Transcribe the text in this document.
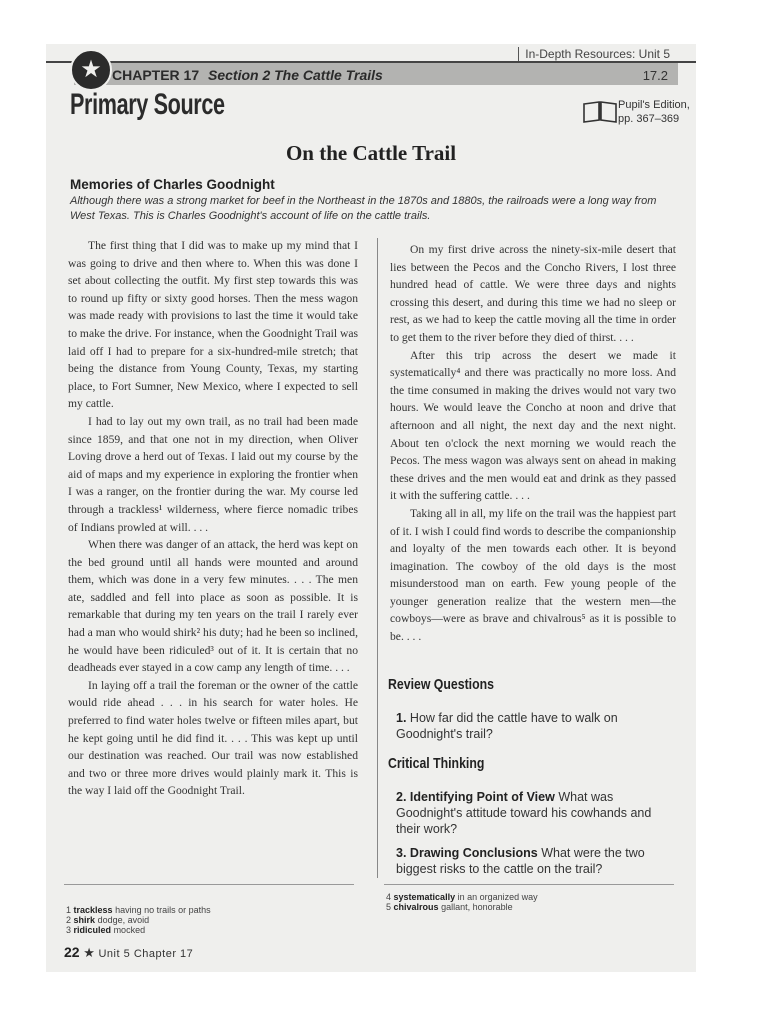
In-Depth Resources: Unit 5
★ CHAPTER 17 Section 2 The Cattle Trails	17.2
Primary Source	Pupil's Edition,
pp. 367–369
On the Cattle Trail
Memories of Charles Goodnight
Although there was a strong market for beef in the Northeast in the 1870s and 1880s, the railroads were a long way from West Texas. This is Charles Goodnight's account of life on the cattle trails.

The first thing that I did was to make up my mind that I was going to drive and then where to. When this was done I set about collecting the outfit. My first step towards this was to round up fifty or sixty good horses. Then the mess wagon was made ready with provisions to last the time it would take to make the drive. For instance, when the Goodnight Trail was laid off I had to prepare for a six-hundred-mile stretch; that being the distance from Young County, Texas, my starting place, to Fort Sumner, New Mexico, where I expected to sell my cattle.

I had to lay out my own trail, as no trail had been made since 1859, and that one not in my direction, when Oliver Loving drove a herd out of Texas. I laid out my course by the aid of maps and my experience in exploring the frontier when I was a ranger, on the frontier during the war. My course led through a trackless¹ wilderness, where fierce nomadic tribes of Indians prowled at will. . . .

When there was danger of an attack, the herd was kept on the bed ground until all hands were mounted and around them, which was done in a very few minutes. . . . The men ate, saddled and fell into place as soon as possible. It is remarkable that during my ten years on the trail I rarely ever had a man who would shirk² his duty; had he been so inclined, he would have been ridiculed³ out of it. It is certain that no deadheads ever stayed in a cow camp any length of time. . . .

In laying off a trail the foreman or the owner of the cattle would ride ahead . . . in his search for water holes. He preferred to find water holes twelve or fifteen miles apart, but he kept going until he did find it. . . . This was kept up until our destination was reached. Our trail was now established and two or three more drives would plainly mark it. This is the way I laid off the Goodnight Trail.

On my first drive across the ninety-six-mile desert that lies between the Pecos and the Concho Rivers, I lost three hundred head of cattle. We were three days and nights crossing this desert, and during this time we had no sleep or rest, as we had to keep the cattle moving all the time in order to get them to the river before they died of thirst. . . .

After this trip across the desert we made it systematically⁴ and there was practically no more loss. And the time consumed in making the drives would not vary two hours. We would leave the Concho at noon and drive that afternoon and all night, the next day and the next night. About ten o'clock the next morning we would reach the Pecos. The mess wagon was always sent on ahead in making these drives and the men would eat and drink as they passed it with the suffering cattle. . . .

Taking all in all, my life on the trail was the happiest part of it. I wish I could find words to describe the companionship and loyalty of the men towards each other. It is beyond imagination. The cowboy of the old days is the most misunderstood man on earth. Few young people of the younger generation realize that the western men—the cowboys—were as brave and chivalrous⁵ as it is possible to be. . . .

Review Questions
1. How far did the cattle have to walk on Goodnight's trail?
Critical Thinking
2. Identifying Point of View What was Goodnight's attitude toward his cowhands and their work?
3. Drawing Conclusions What were the two biggest risks to the cattle on the trail?
1 trackless having no trails or paths
2 shirk dodge, avoid
3 ridiculed mocked
4 systematically in an organized way
5 chivalrous gallant, honorable
22 ★ Unit 5 Chapter 17
